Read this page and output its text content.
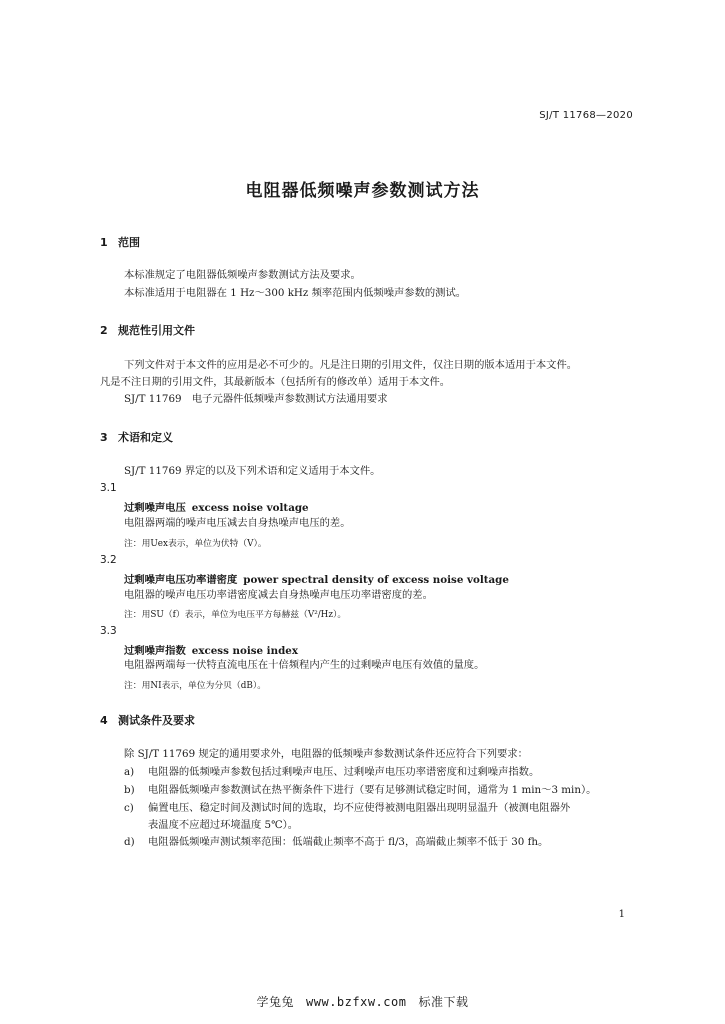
SJ/T 11768—2020
电阻器低频噪声参数测试方法
1 范围
本标准规定了电阻器低频噪声参数测试方法及要求。
本标准适用于电阻器在 1 Hz～300 kHz 频率范围内低频噪声参数的测试。
2 规范性引用文件
下列文件对于本文件的应用是必不可少的。凡是注日期的引用文件，仅注日期的版本适用于本文件。
凡是不注日期的引用文件，其最新版本（包括所有的修改单）适用于本文件。
SJ/T 11769　电子元器件低频噪声参数测试方法通用要求
3 术语和定义
SJ/T 11769 界定的以及下列术语和定义适用于本文件。
3.1
过剩噪声电压 excess noise voltage
电阻器两端的噪声电压减去自身热噪声电压的差。
注：用Uex表示，单位为伏特（V）。
3.2
过剩噪声电压功率谱密度 power spectral density of excess noise voltage
电阻器的噪声电压功率谱密度减去自身热噪声电压功率谱密度的差。
注：用SU（f）表示，单位为电压平方每赫兹（V²/Hz）。
3.3
过剩噪声指数 excess noise index
电阻器两端每一伏特直流电压在十倍频程内产生的过剩噪声电压有效值的量度。
注：用NI表示，单位为分贝（dB）。
4 测试条件及要求
除 SJ/T 11769 规定的通用要求外，电阻器的低频噪声参数测试条件还应符合下列要求：
a) 电阻器的低频噪声参数包括过剩噪声电压、过剩噪声电压功率谱密度和过剩噪声指数。
b) 电阻器低频噪声参数测试在热平衡条件下进行（要有足够测试稳定时间，通常为 1 min～3 min）。
c) 偏置电压、稳定时间及测试时间的选取，均不应使得被测电阻器出现明显温升（被测电阻器外
表温度不应超过环境温度 5℃）。
d) 电阻器低频噪声测试频率范围：低端截止频率不高于 fl/3，高端截止频率不低于 30 fh。
1
学兔兔 www.bzfxw.com 标准下载
